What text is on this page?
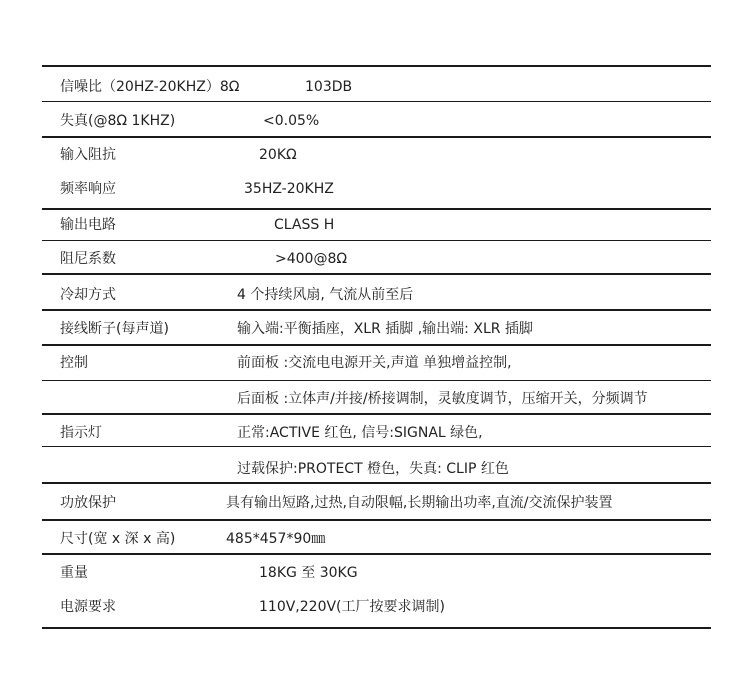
信噪比（20HZ-20KHZ）8Ω	103DB
失真(@8Ω 1KHZ)	<0.05%
输入阻抗	20KΩ
频率响应	35HZ-20KHZ
输出电路	CLASS H
阻尼系数	>400@8Ω
冷却方式	4 个持续风扇, 气流从前至后
接线断子(每声道)	输入端:平衡插座，XLR 插脚 ,输出端: XLR 插脚
控制	前面板 :交流电电源开关,声道 单独增益控制,
后面板 :立体声/并接/桥接调制，灵敏度调节，压缩开关，分频调节
指示灯	正常:ACTIVE 红色, 信号:SIGNAL 绿色,
过载保护:PROTECT 橙色，失真: CLIP 红色
功放保护	具有输出短路,过热,自动限幅,长期输出功率,直流/交流保护装置
尺寸(宽 x 深 x 高)	485*457*90㎜
重量	18KG 至 30KG
电源要求	110V,220V(工厂按要求调制)
